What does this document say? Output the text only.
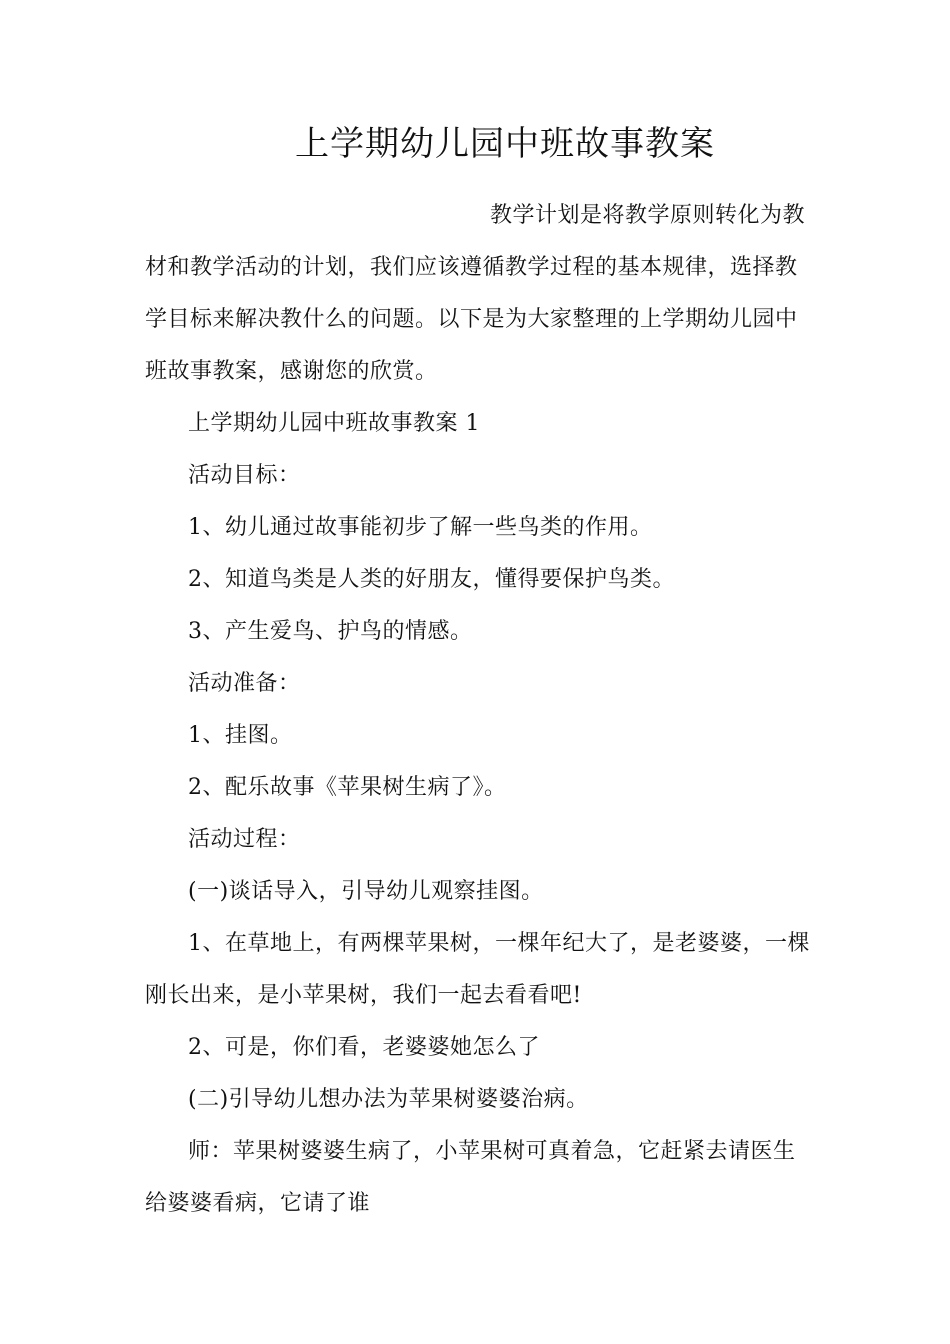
上学期幼儿园中班故事教案
教学计划是将教学原则转化为教
材和教学活动的计划，我们应该遵循教学过程的基本规律，选择教
学目标来解决教什么的问题。以下是为大家整理的上学期幼儿园中
班故事教案，感谢您的欣赏。
上学期幼儿园中班故事教案 1
活动目标：
1、幼儿通过故事能初步了解一些鸟类的作用。
2、知道鸟类是人类的好朋友，懂得要保护鸟类。
3、产生爱鸟、护鸟的情感。
活动准备：
1、挂图。
2、配乐故事《苹果树生病了》。
活动过程：
(一)谈话导入，引导幼儿观察挂图。
1、在草地上，有两棵苹果树，一棵年纪大了，是老婆婆，一棵
刚长出来，是小苹果树，我们一起去看看吧!
2、可是，你们看，老婆婆她怎么了
(二)引导幼儿想办法为苹果树婆婆治病。
师：苹果树婆婆生病了，小苹果树可真着急，它赶紧去请医生
给婆婆看病，它请了谁
